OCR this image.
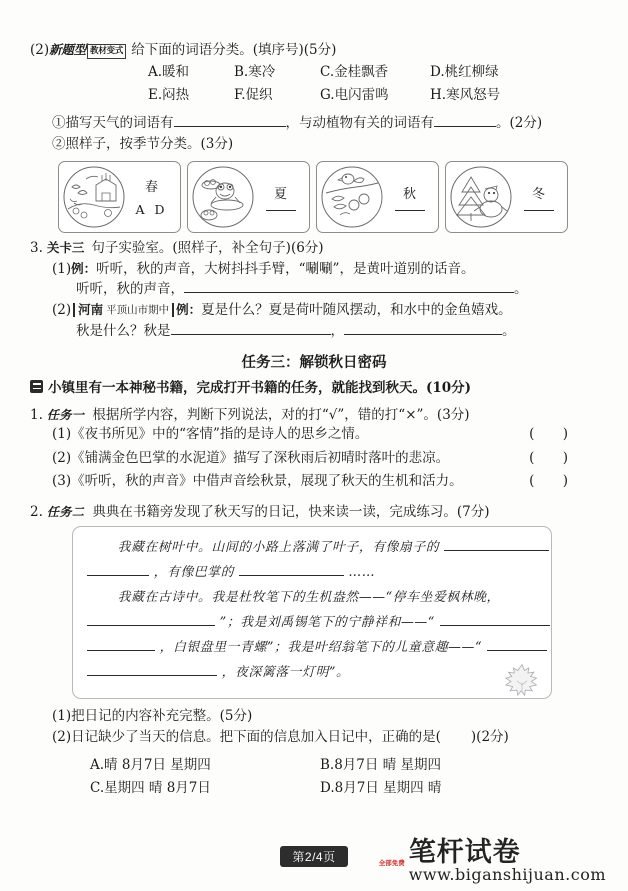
(2) 新题型 教材变式 给下面的词语分类。(填序号)(5分)
A.暖和	B.寒冷	C.金桂飘香	D.桃红柳绿
E.闷热	F.促织	G.电闪雷鸣	H.寒风怒号
①描写天气的词语有	，与动植物有关的词语有	。(2分)
②照样子，按季节分类。(3分)
春
A D
夏	秋	冬
3. 关卡三 句子实验室。(照样子，补全句子)(6分)
(1) 例： 听听，秋的声音，大树抖抖手臂，“唰唰”，是黄叶道别的话音。
听听，秋的声音，	。
(2) 河南 平顶山市期中 例： 夏是什么？夏是荷叶随风摆动，和水中的金鱼嬉戏。
秋是什么？秋是	，	。
任务三：解锁秋日密码
小镇里有一本神秘书籍，完成打开书籍的任务，就能找到秋天。(10分)
1. 任务一 根据所学内容，判断下列说法，对的打“√”，错的打“×”。(3分)
(1) 《夜书所见》中的“客情”指的是诗人的思乡之情。	( )
(2) 《铺满金色巴掌的水泥道》描写了深秋雨后初晴时落叶的悲凉。	( )
(3) 《听听，秋的声音》中借声音绘秋景，展现了秋天的生机和活力。	( )
2. 任务二 典典在书籍旁发现了秋天写的日记，快来读一读，完成练习。(7分)
我藏在树叶中。山间的小路上落满了叶子，有像扇子的
，有像巴掌的	……
我藏在古诗中。我是杜牧笔下的生机盎然——“停车坐爱枫林晚，
”；我是刘禹锡笔下的宁静祥和——“
，白银盘里一青螺”；我是叶绍翁笔下的儿童意趣——“
，夜深篱落一灯明”。
(1) 把日记的内容补充完整。(5分)
(2) 日记缺少了当天的信息。把下面的信息加入日记中，正确的是( )(2分)
A.晴 8月7日 星期四	B.8月7日 晴 星期四
C.星期四 晴 8月7日	D.8月7日 星期四 晴
第2/4页	全部免费 笔杆试卷
www.biganshijuan.com
